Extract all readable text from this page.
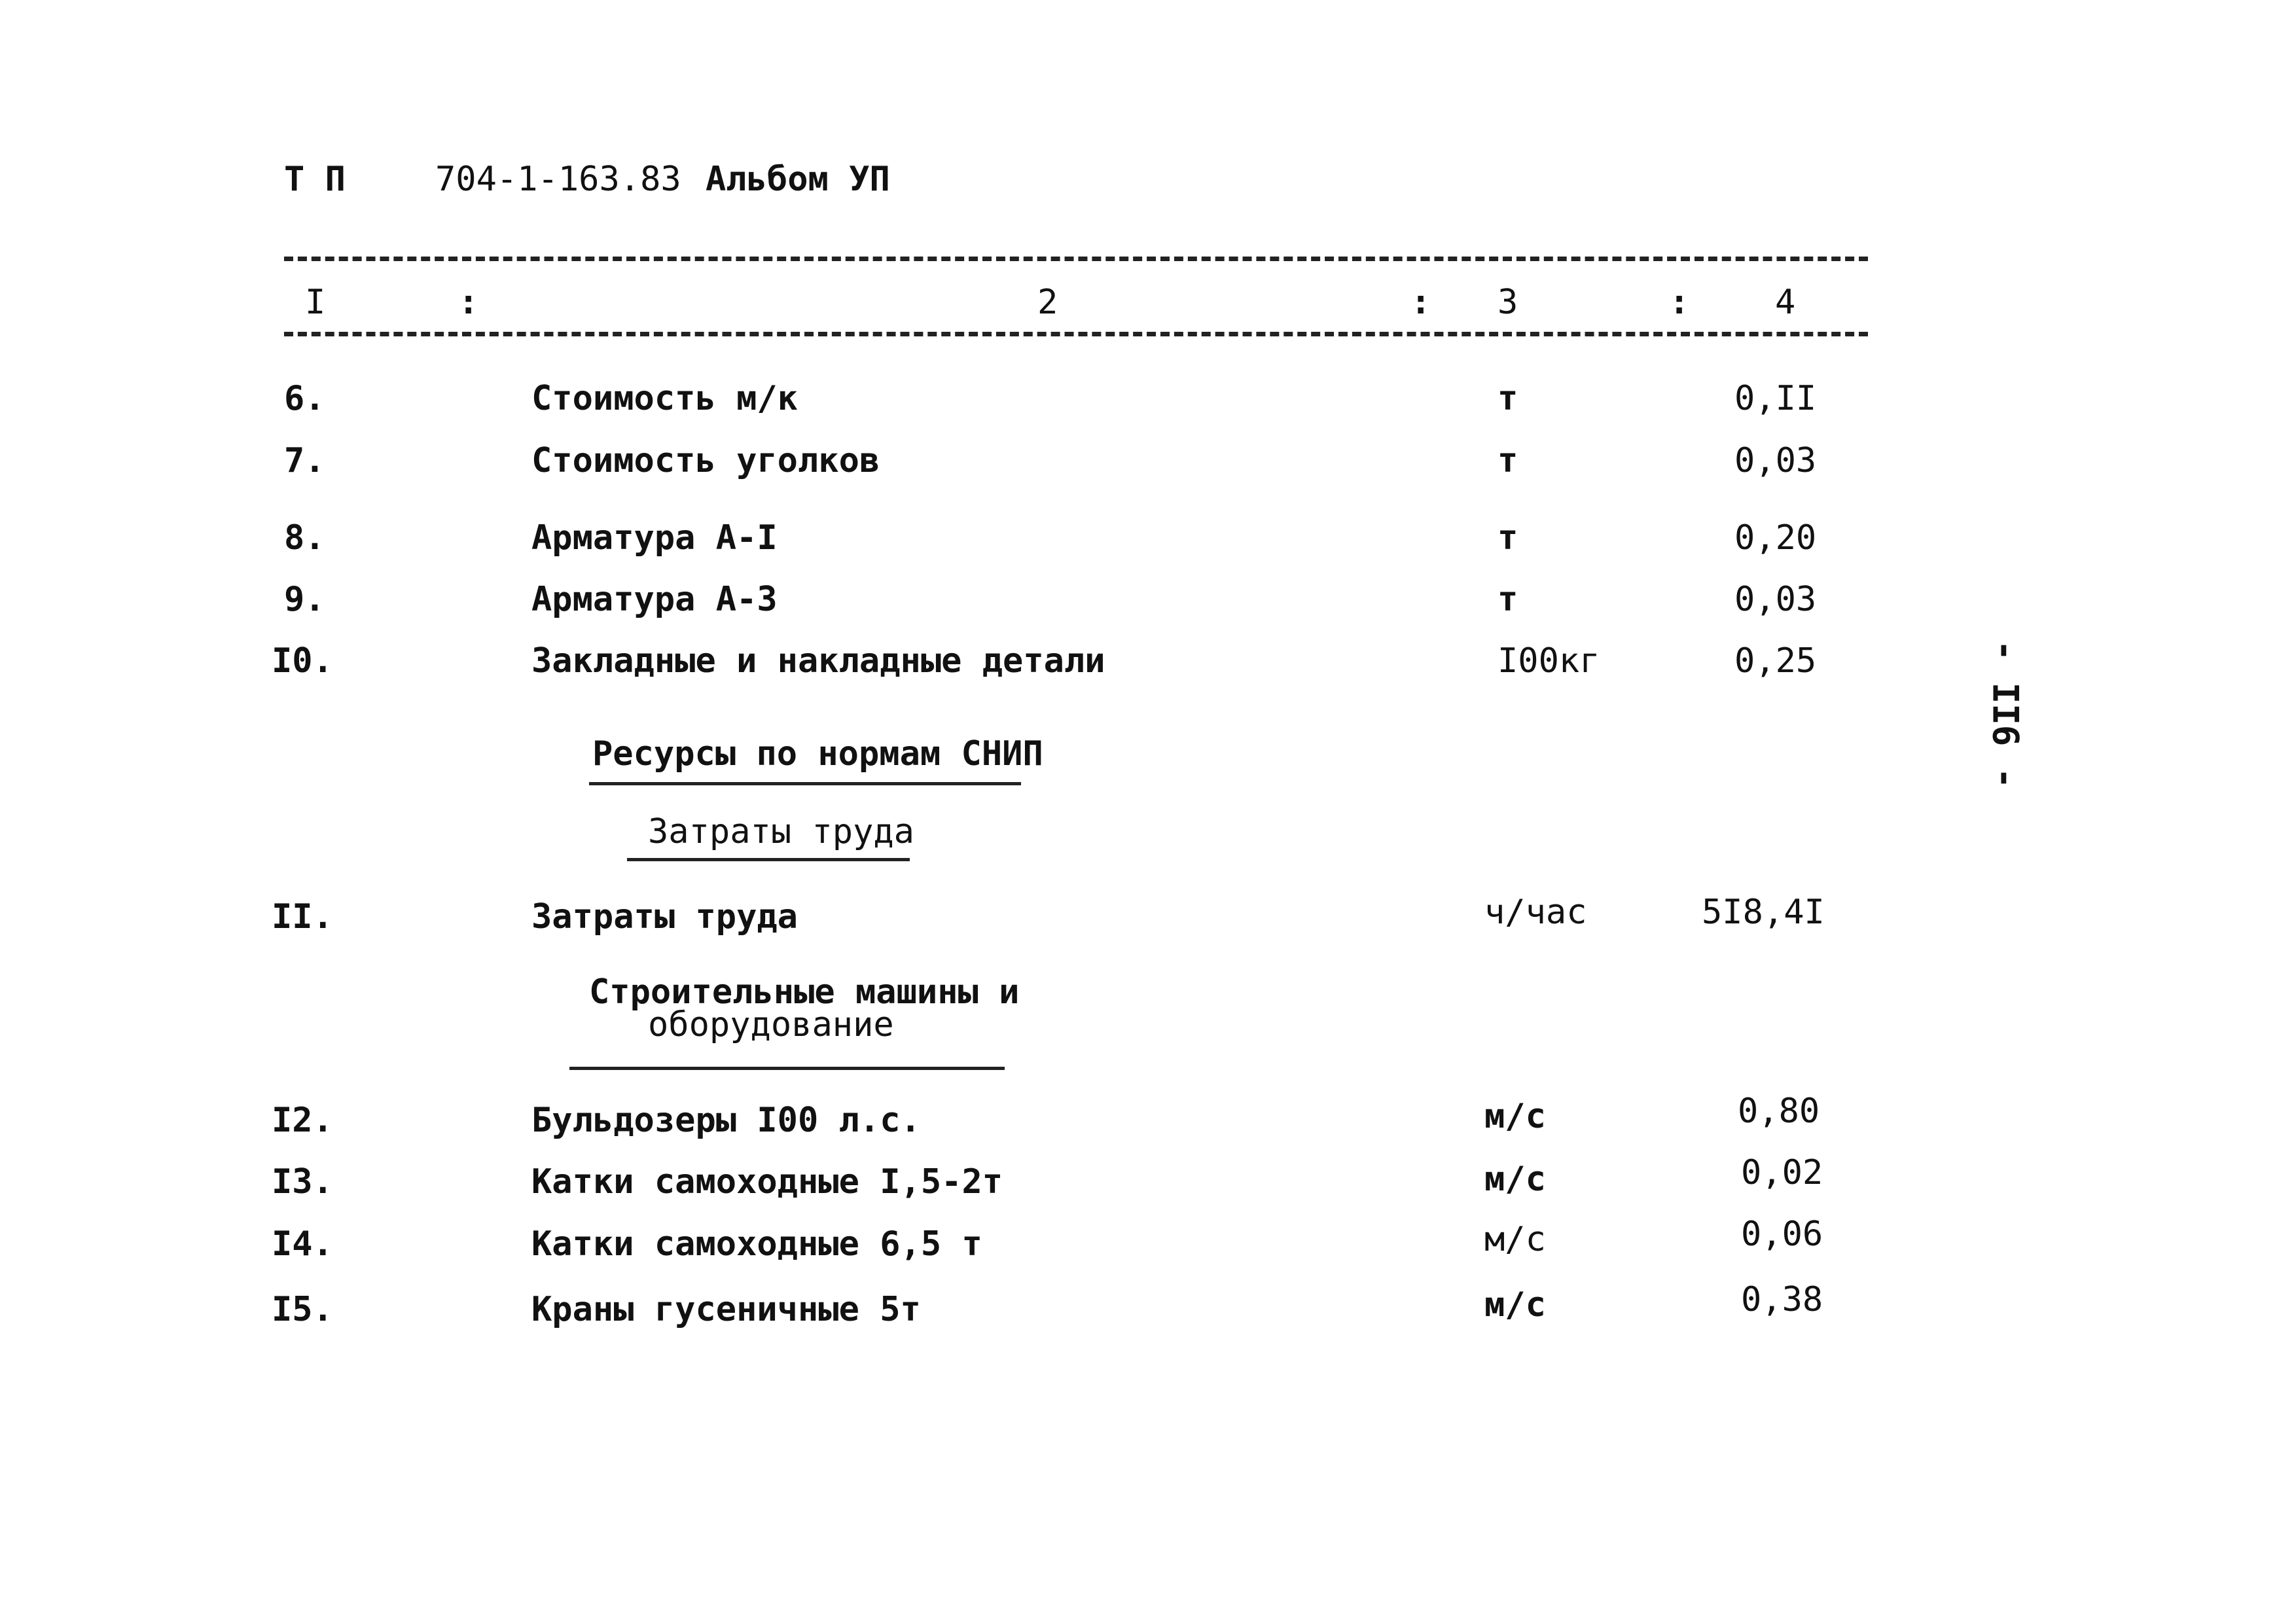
Т П	704-1-163.83 Альбом УП
I	:	2	: 3	:	4
6.	Стоимость м/к	т	0,II
7.	Стоимость уголков	т	0,03
8.	Арматура А-I	т	0,20
9.	Арматура А-3	т	0,03
I0.	Закладные и накладные детали	I00кг	0,25
Ресурсы по нормам СНИП
Затраты труда
II.	Затраты труда	ч/час	5I8,4I
Строительные машины и
оборудование
I2.	Бульдозеры I00 л.с.	м/с	0,80
I3.	Катки самоходные I,5-2т	м/с	0,02
I4.	Катки самоходные 6,5 т	м/с	0,06
I5.	Краны гусеничные 5т	м/с	0,38
- II6 -
